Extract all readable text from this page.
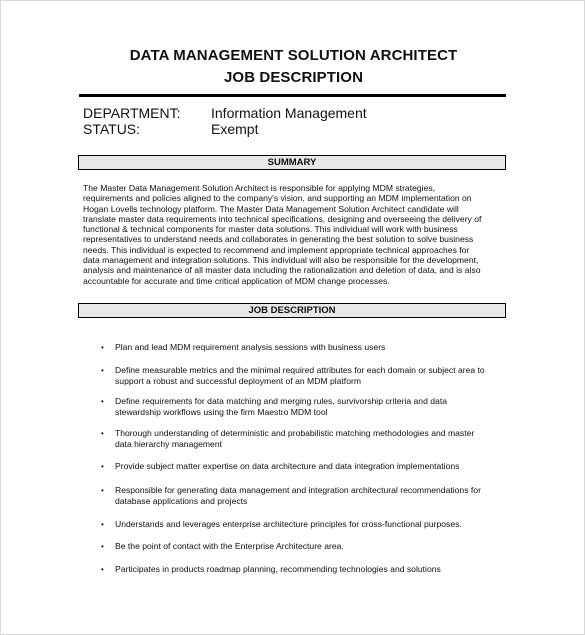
DATA MANAGEMENT SOLUTION ARCHITECT
JOB DESCRIPTION
DEPARTMENT: Information Management
STATUS:	Exempt
SUMMARY
The Master Data Management Solution Architect is responsible for applying MDM strategies,
requirements and policies aligned to the company's vision, and supporting an MDM implementation on
Hogan Lovells technology platform. The Master Data Management Solution Architect candidate will
translate master data requirements into technical specifications, designing and overseeing the delivery of
functional & technical components for master data solutions. This individual will work with business
representatives to understand needs and collaborates in generating the best solution to solve business
needs. This individual is expected to recommend and implement appropriate technical approaches for
data management and integration solutions. This individual will also be responsible for the development,
analysis and maintenance of all master data including the rationalization and deletion of data, and is also
accountable for accurate and time critical application of MDM change processes.
JOB DESCRIPTION
• Plan and lead MDM requirement analysis sessions with business users
• Define measurable metrics and the minimal required attributes for each domain or subject area to
support a robust and successful deployment of an MDM platform
• Define requirements for data matching and merging rules, survivorship criteria and data
stewardship workflows using the firm Maestro MDM tool
• Thorough understanding of deterministic and probabilistic matching methodologies and master
data hierarchy management
• Provide subject matter expertise on data architecture and data integration implementations
• Responsible for generating data management and integration architectural recommendations for
database applications and projects
• Understands and leverages enterprise architecture principles for cross-functional purposes.
• Be the point of contact with the Enterprise Architecture area.
• Participates in products roadmap planning, recommending technologies and solutions
